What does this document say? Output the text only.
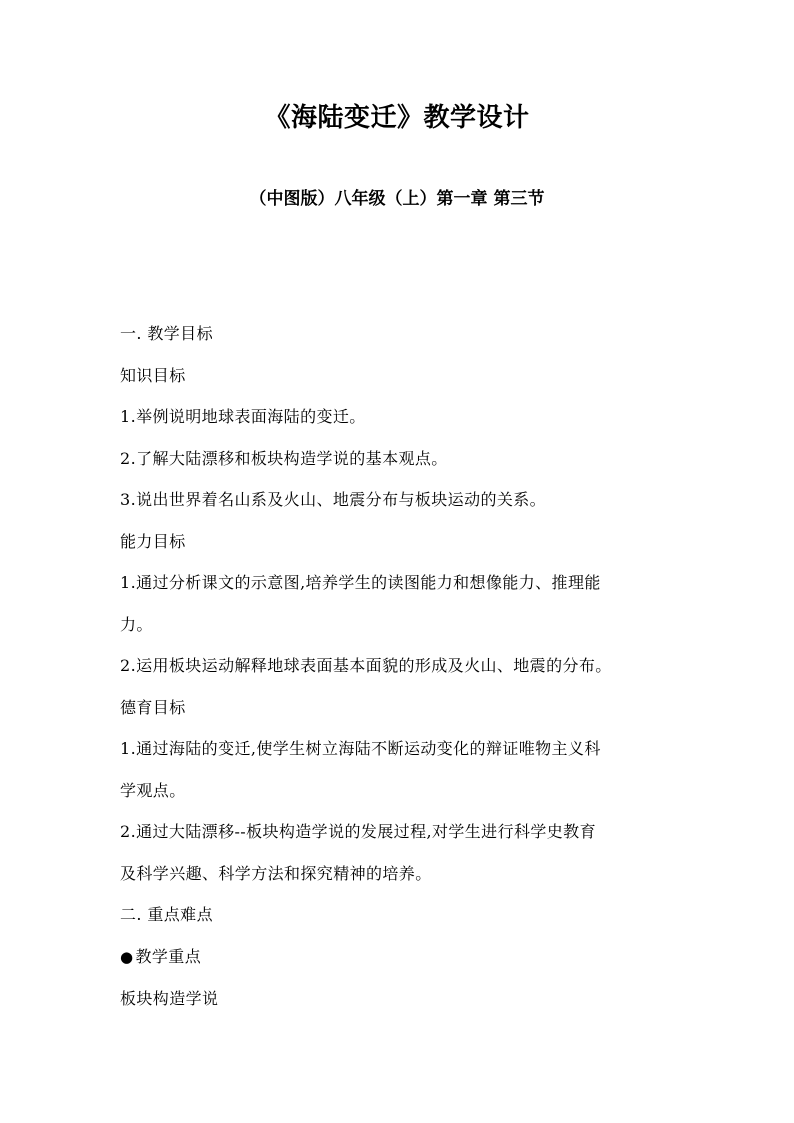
《海陆变迁》教学设计
（中图版）八年级（上）第一章 第三节
一. 教学目标
知识目标
1.举例说明地球表面海陆的变迁。
2.了解大陆漂移和板块构造学说的基本观点。
3.说出世界着名山系及火山、地震分布与板块运动的关系。
能力目标
1.通过分析课文的示意图,培养学生的读图能力和想像能力、推理能
力。
2.运用板块运动解释地球表面基本面貌的形成及火山、地震的分布。
德育目标
1.通过海陆的变迁,使学生树立海陆不断运动变化的辩证唯物主义科
学观点。
2.通过大陆漂移--板块构造学说的发展过程,对学生进行科学史教育
及科学兴趣、科学方法和探究精神的培养。
二. 重点难点
● 教学重点
板块构造学说
